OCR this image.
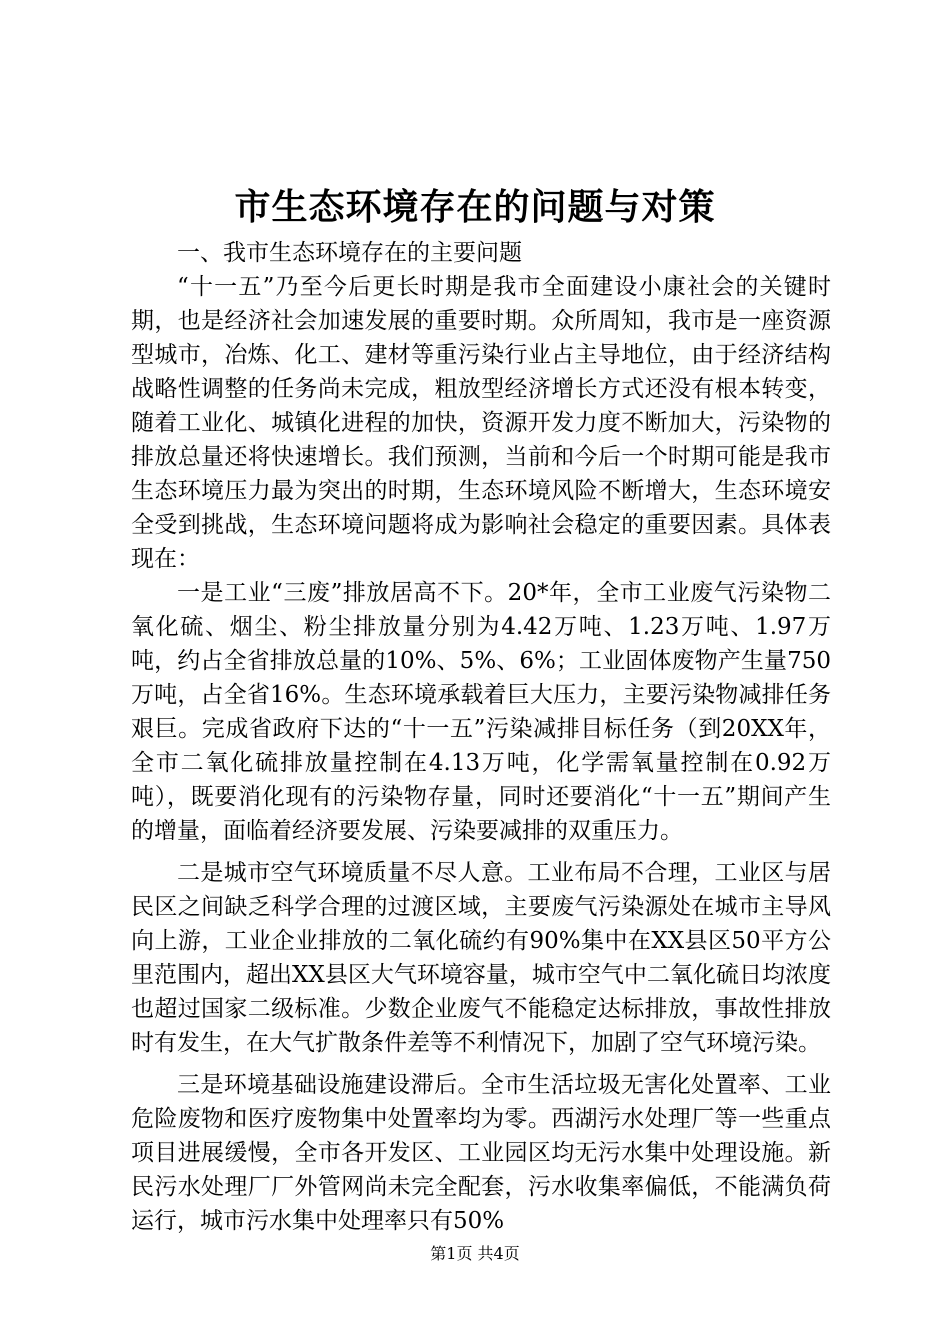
市生态环境存在的问题与对策

一、我市生态环境存在的主要问题

“十一五”乃至今后更长时期是我市全面建设小康社会的关键时期，也是经济社会加速发展的重要时期。众所周知，我市是一座资源型城市，冶炼、化工、建材等重污染行业占主导地位，由于经济结构战略性调整的任务尚未完成，粗放型经济增长方式还没有根本转变，随着工业化、城镇化进程的加快，资源开发力度不断加大，污染物的排放总量还将快速增长。我们预测，当前和今后一个时期可能是我市生态环境压力最为突出的时期，生态环境风险不断增大，生态环境安全受到挑战，生态环境问题将成为影响社会稳定的重要因素。具体表现在：

一是工业“三废”排放居高不下。20*年，全市工业废气污染物二氧化硫、烟尘、粉尘排放量分别为4.42万吨、1.23万吨、1.97万吨，约占全省排放总量的10%、5%、6%；工业固体废物产生量750万吨，占全省16%。生态环境承载着巨大压力，主要污染物减排任务艰巨。完成省政府下达的“十一五”污染减排目标任务（到20XX年，全市二氧化硫排放量控制在4.13万吨，化学需氧量控制在0.92万吨），既要消化现有的污染物存量，同时还要消化“十一五”期间产生的增量，面临着经济要发展、污染要减排的双重压力。

二是城市空气环境质量不尽人意。工业布局不合理，工业区与居民区之间缺乏科学合理的过渡区域，主要废气污染源处在城市主导风向上游，工业企业排放的二氧化硫约有90%集中在XX县区50平方公里范围内，超出XX县区大气环境容量，城市空气中二氧化硫日均浓度也超过国家二级标准。少数企业废气不能稳定达标排放，事故性排放时有发生，在大气扩散条件差等不利情况下，加剧了空气环境污染。

三是环境基础设施建设滞后。全市生活垃圾无害化处置率、工业危险废物和医疗废物集中处置率均为零。西湖污水处理厂等一些重点项目进展缓慢，全市各开发区、工业园区均无污水集中处理设施。新民污水处理厂厂外管网尚未完全配套，污水收集率偏低，不能满负荷运行，城市污水集中处理率只有50%

第1页 共4页
